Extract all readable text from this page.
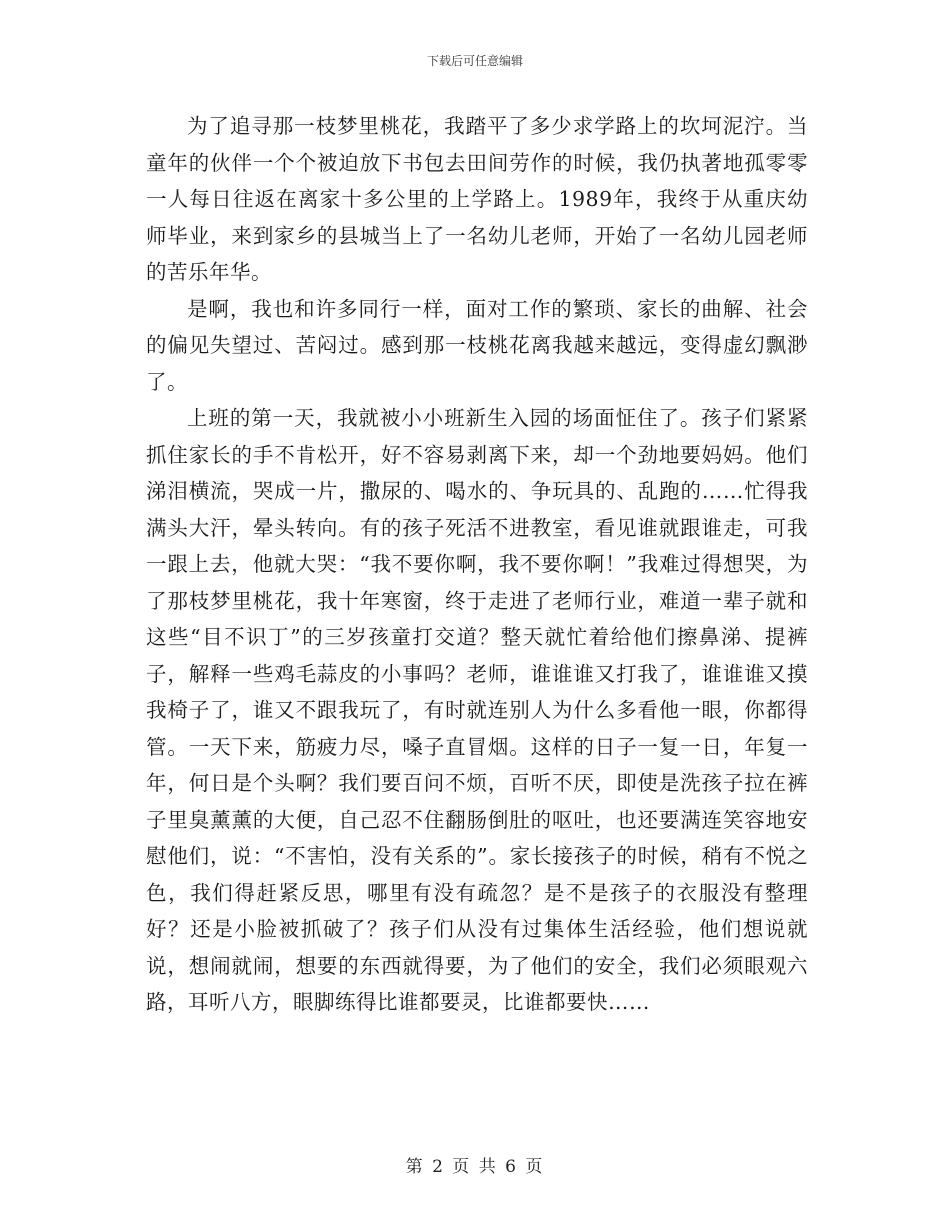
下载后可任意编辑

为了追寻那一枝梦里桃花，我踏平了多少求学路上的坎坷泥泞。当童年的伙伴一个个被迫放下书包去田间劳作的时候，我仍执著地孤零零一人每日往返在离家十多公里的上学路上。1989年，我终于从重庆幼师毕业，来到家乡的县城当上了一名幼儿老师，开始了一名幼儿园老师的苦乐年华。

是啊，我也和许多同行一样，面对工作的繁琐、家长的曲解、社会的偏见失望过、苦闷过。感到那一枝桃花离我越来越远，变得虚幻飘渺了。

上班的第一天，我就被小小班新生入园的场面怔住了。孩子们紧紧抓住家长的手不肯松开，好不容易剥离下来，却一个劲地要妈妈。他们涕泪横流，哭成一片，撒尿的、喝水的、争玩具的、乱跑的……忙得我满头大汗，晕头转向。有的孩子死活不进教室，看见谁就跟谁走，可我一跟上去，他就大哭：“我不要你啊，我不要你啊！”我难过得想哭，为了那枝梦里桃花，我十年寒窗，终于走进了老师行业，难道一辈子就和这些“目不识丁”的三岁孩童打交道？整天就忙着给他们擦鼻涕、提裤子，解释一些鸡毛蒜皮的小事吗？老师，谁谁谁又打我了，谁谁谁又摸我椅子了，谁又不跟我玩了，有时就连别人为什么多看他一眼，你都得管。一天下来，筋疲力尽，嗓子直冒烟。这样的日子一复一日，年复一年，何日是个头啊？我们要百问不烦，百听不厌，即使是洗孩子拉在裤子里臭薰薰的大便，自己忍不住翻肠倒肚的呕吐，也还要满连笑容地安慰他们，说：“不害怕，没有关系的”。家长接孩子的时候，稍有不悦之色，我们得赶紧反思，哪里有没有疏忽？是不是孩子的衣服没有整理好？还是小脸被抓破了？孩子们从没有过集体生活经验，他们想说就说，想闹就闹，想要的东西就得要，为了他们的安全，我们必须眼观六路，耳听八方，眼脚练得比谁都要灵，比谁都要快……

第 2 页 共 6 页
